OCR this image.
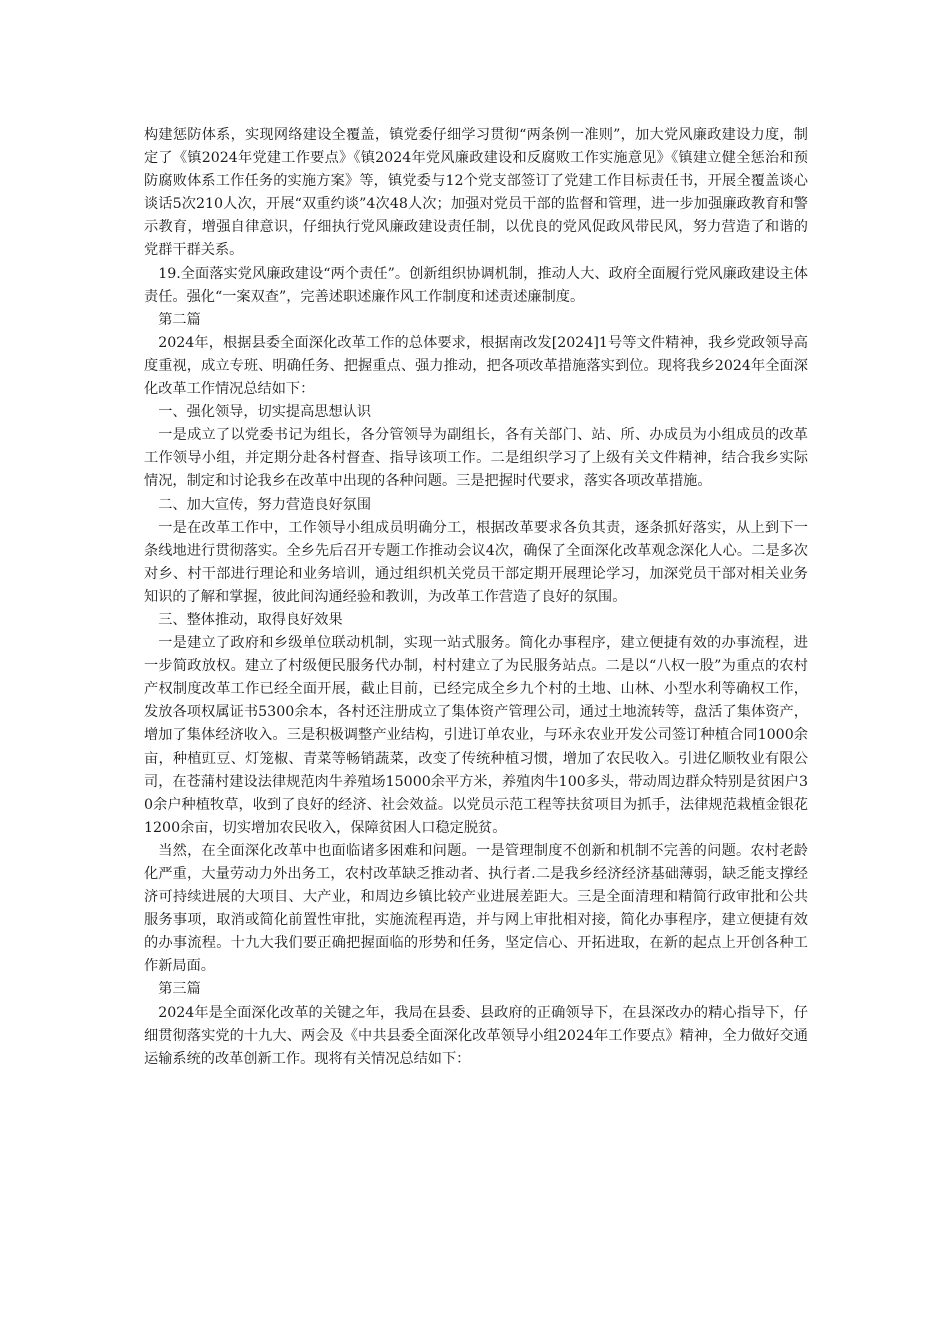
构建惩防体系，实现网络建设全覆盖，镇党委仔细学习贯彻“两条例一准则”，加大党风廉政建设力度，制定了《镇2024年党建工作要点》《镇2024年党风廉政建设和反腐败工作实施意见》《镇建立健全惩治和预防腐败体系工作任务的实施方案》等，镇党委与12个党支部签订了党建工作目标责任书，开展全覆盖谈心谈话5次210人次，开展“双重约谈”4次48人次；加强对党员干部的监督和管理，进一步加强廉政教育和警示教育，增强自律意识，仔细执行党风廉政建设责任制，以优良的党风促政风带民风，努力营造了和谐的党群干群关系。

19.全面落实党风廉政建设“两个责任”。创新组织协调机制，推动人大、政府全面履行党风廉政建设主体责任。强化“一案双查”，完善述职述廉作风工作制度和述责述廉制度。

第二篇

2024年，根据县委全面深化改革工作的总体要求，根据南改发[2024]1号等文件精神，我乡党政领导高度重视，成立专班、明确任务、把握重点、强力推动，把各项改革措施落实到位。现将我乡2024年全面深化改革工作情况总结如下：

一、强化领导，切实提高思想认识

一是成立了以党委书记为组长，各分管领导为副组长，各有关部门、站、所、办成员为小组成员的改革工作领导小组，并定期分赴各村督查、指导该项工作。二是组织学习了上级有关文件精神，结合我乡实际情况，制定和讨论我乡在改革中出现的各种问题。三是把握时代要求，落实各项改革措施。

二、加大宣传，努力营造良好氛围

一是在改革工作中，工作领导小组成员明确分工，根据改革要求各负其责，逐条抓好落实，从上到下一条线地进行贯彻落实。全乡先后召开专题工作推动会议4次，确保了全面深化改革观念深化人心。二是多次对乡、村干部进行理论和业务培训，通过组织机关党员干部定期开展理论学习，加深党员干部对相关业务知识的了解和掌握，彼此间沟通经验和教训，为改革工作营造了良好的氛围。

三、整体推动，取得良好效果

一是建立了政府和乡级单位联动机制，实现一站式服务。简化办事程序，建立便捷有效的办事流程，进一步简政放权。建立了村级便民服务代办制，村村建立了为民服务站点。二是以“八权一股”为重点的农村产权制度改革工作已经全面开展，截止目前，已经完成全乡九个村的土地、山林、小型水利等确权工作，发放各项权属证书5300余本，各村还注册成立了集体资产管理公司，通过土地流转等，盘活了集体资产，增加了集体经济收入。三是积极调整产业结构，引进订单农业，与环永农业开发公司签订种植合同1000余亩，种植豇豆、灯笼椒、青菜等畅销蔬菜，改变了传统种植习惯，增加了农民收入。引进亿顺牧业有限公司，在苍蒲村建设法律规范肉牛养殖场15000余平方米，养殖肉牛100多头，带动周边群众特别是贫困户30余户种植牧草，收到了良好的经济、社会效益。以党员示范工程等扶贫项目为抓手，法律规范栽植金银花1200余亩，切实增加农民收入，保障贫困人口稳定脱贫。

当然，在全面深化改革中也面临诸多困难和问题。一是管理制度不创新和机制不完善的问题。农村老龄化严重，大量劳动力外出务工，农村改革缺乏推动者、执行者.二是我乡经济经济基础薄弱，缺乏能支撑经济可持续进展的大项目、大产业，和周边乡镇比较产业进展差距大。三是全面清理和精简行政审批和公共服务事项，取消或简化前置性审批，实施流程再造，并与网上审批相对接，简化办事程序，建立便捷有效的办事流程。十九大我们要正确把握面临的形势和任务，坚定信心、开拓进取，在新的起点上开创各种工作新局面。

第三篇

2024年是全面深化改革的关键之年，我局在县委、县政府的正确领导下，在县深改办的精心指导下，仔细贯彻落实党的十九大、两会及《中共县委全面深化改革领导小组2024年工作要点》精神，全力做好交通运输系统的改革创新工作。现将有关情况总结如下：
